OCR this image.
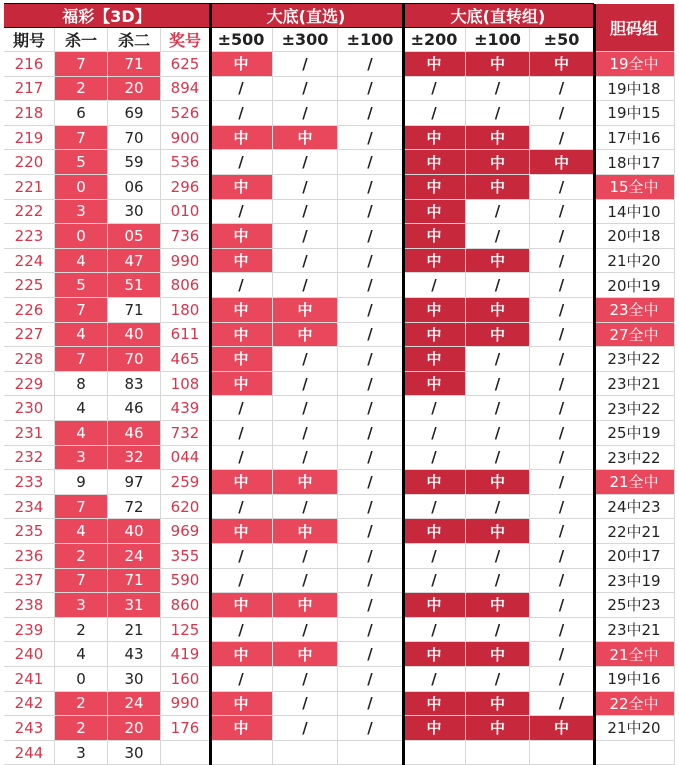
福彩【3D】	大底(直选)	大底(直转组)
胆码组
期号	杀一	杀二	奖号	±500	±300	±100	±200	±100	±50
216	7	71	625	中	/	/	中	中	中	19全中
217	2	20	894	/	/	/	/	/	/	19中18
218	6	69	526	/	/	/	/	/	/	19中15
219	7	70	900	中	中	/	中	中	/	17中16
220	5	59	536	/	/	/	中	中	中	18中17
221	0	06	296	中	/	/	中	中	/	15全中
222	3	30	010	/	/	/	中	/	/	14中10
223	0	05	736	中	/	/	中	/	/	20中18
224	4	47	990	中	/	/	中	中	/	21中20
225	5	51	806	/	/	/	/	/	/	20中19
226	7	71	180	中	中	/	中	中	/	23全中
227	4	40	611	中	中	/	中	中	/	27全中
228	7	70	465	中	/	/	中	/	/	23中22
229	8	83	108	中	/	/	中	/	/	23中21
230	4	46	439	/	/	/	/	/	/	23中22
231	4	46	732	/	/	/	/	/	/	25中19
232	3	32	044	/	/	/	/	/	/	23中22
233	9	97	259	中	中	/	中	中	/	21全中
234	7	72	620	/	/	/	/	/	/	24中23
235	4	40	969	中	中	/	中	中	/	22中21
236	2	24	355	/	/	/	/	/	/	20中17
237	7	71	590	/	/	/	/	/	/	23中19
238	3	31	860	中	中	/	中	中	/	25中23
239	2	21	125	/	/	/	/	/	/	23中21
240	4	43	419	中	中	/	中	中	/	21全中
241	0	30	160	/	/	/	/	/	/	19中16
242	2	24	990	中	/	/	中	中	/	22全中
243	2	20	176	中	/	/	中	中	中	21中20
244	3	30
